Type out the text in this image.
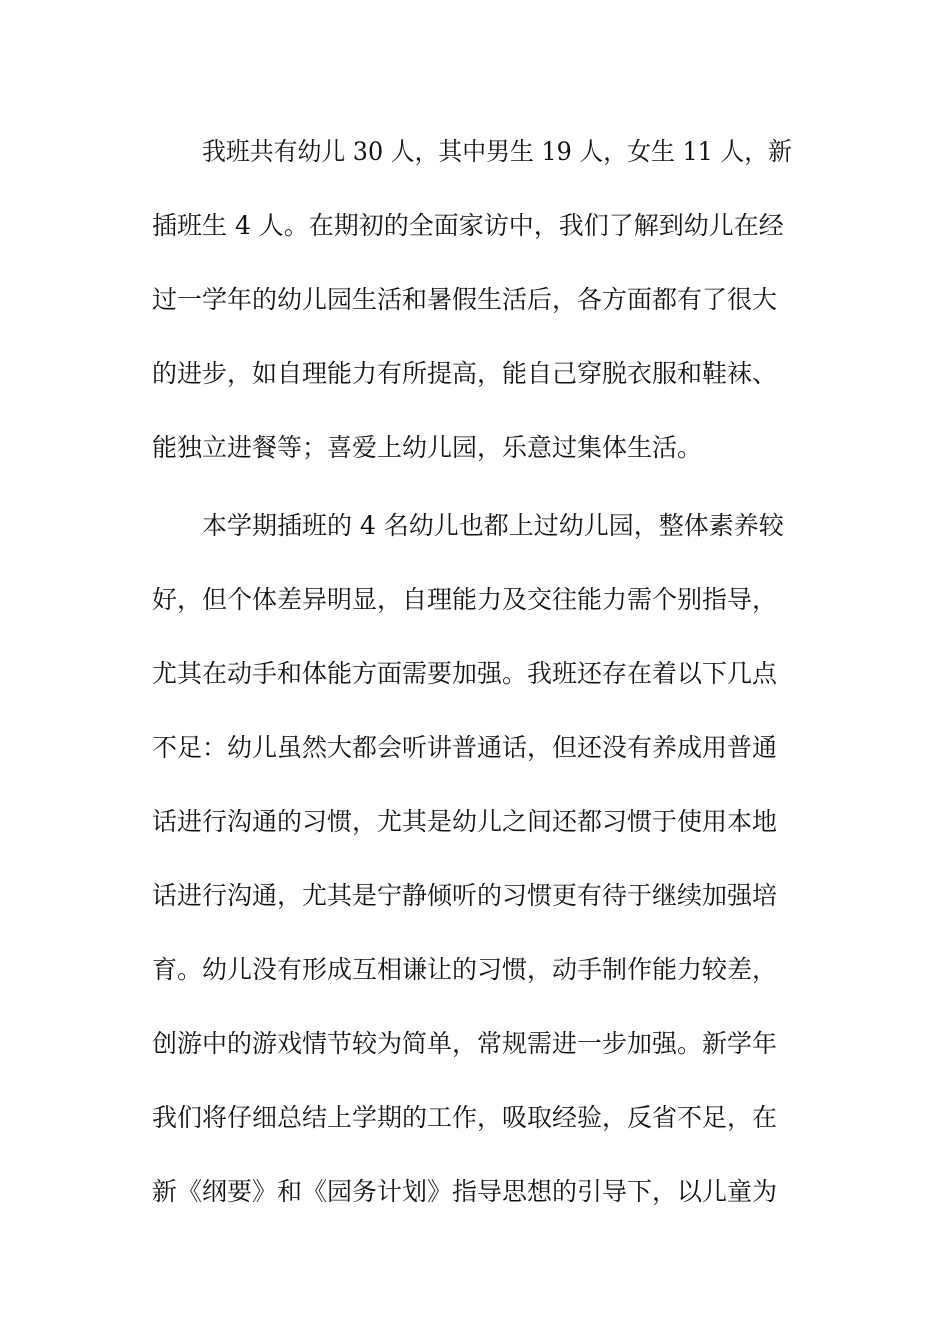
我班共有幼儿 30 人，其中男生 19 人，女生 11 人，新
插班生 4 人。在期初的全面家访中，我们了解到幼儿在经
过一学年的幼儿园生活和暑假生活后，各方面都有了很大
的进步，如自理能力有所提高，能自己穿脱衣服和鞋袜、
能独立进餐等；喜爱上幼儿园，乐意过集体生活。
本学期插班的 4 名幼儿也都上过幼儿园，整体素养较
好，但个体差异明显，自理能力及交往能力需个别指导，
尤其在动手和体能方面需要加强。我班还存在着以下几点
不足：幼儿虽然大都会听讲普通话，但还没有养成用普通
话进行沟通的习惯，尤其是幼儿之间还都习惯于使用本地
话进行沟通，尤其是宁静倾听的习惯更有待于继续加强培
育。幼儿没有形成互相谦让的习惯，动手制作能力较差，
创游中的游戏情节较为简单，常规需进一步加强。新学年
我们将仔细总结上学期的工作，吸取经验，反省不足，在
新《纲要》和《园务计划》指导思想的引导下，以儿童为
